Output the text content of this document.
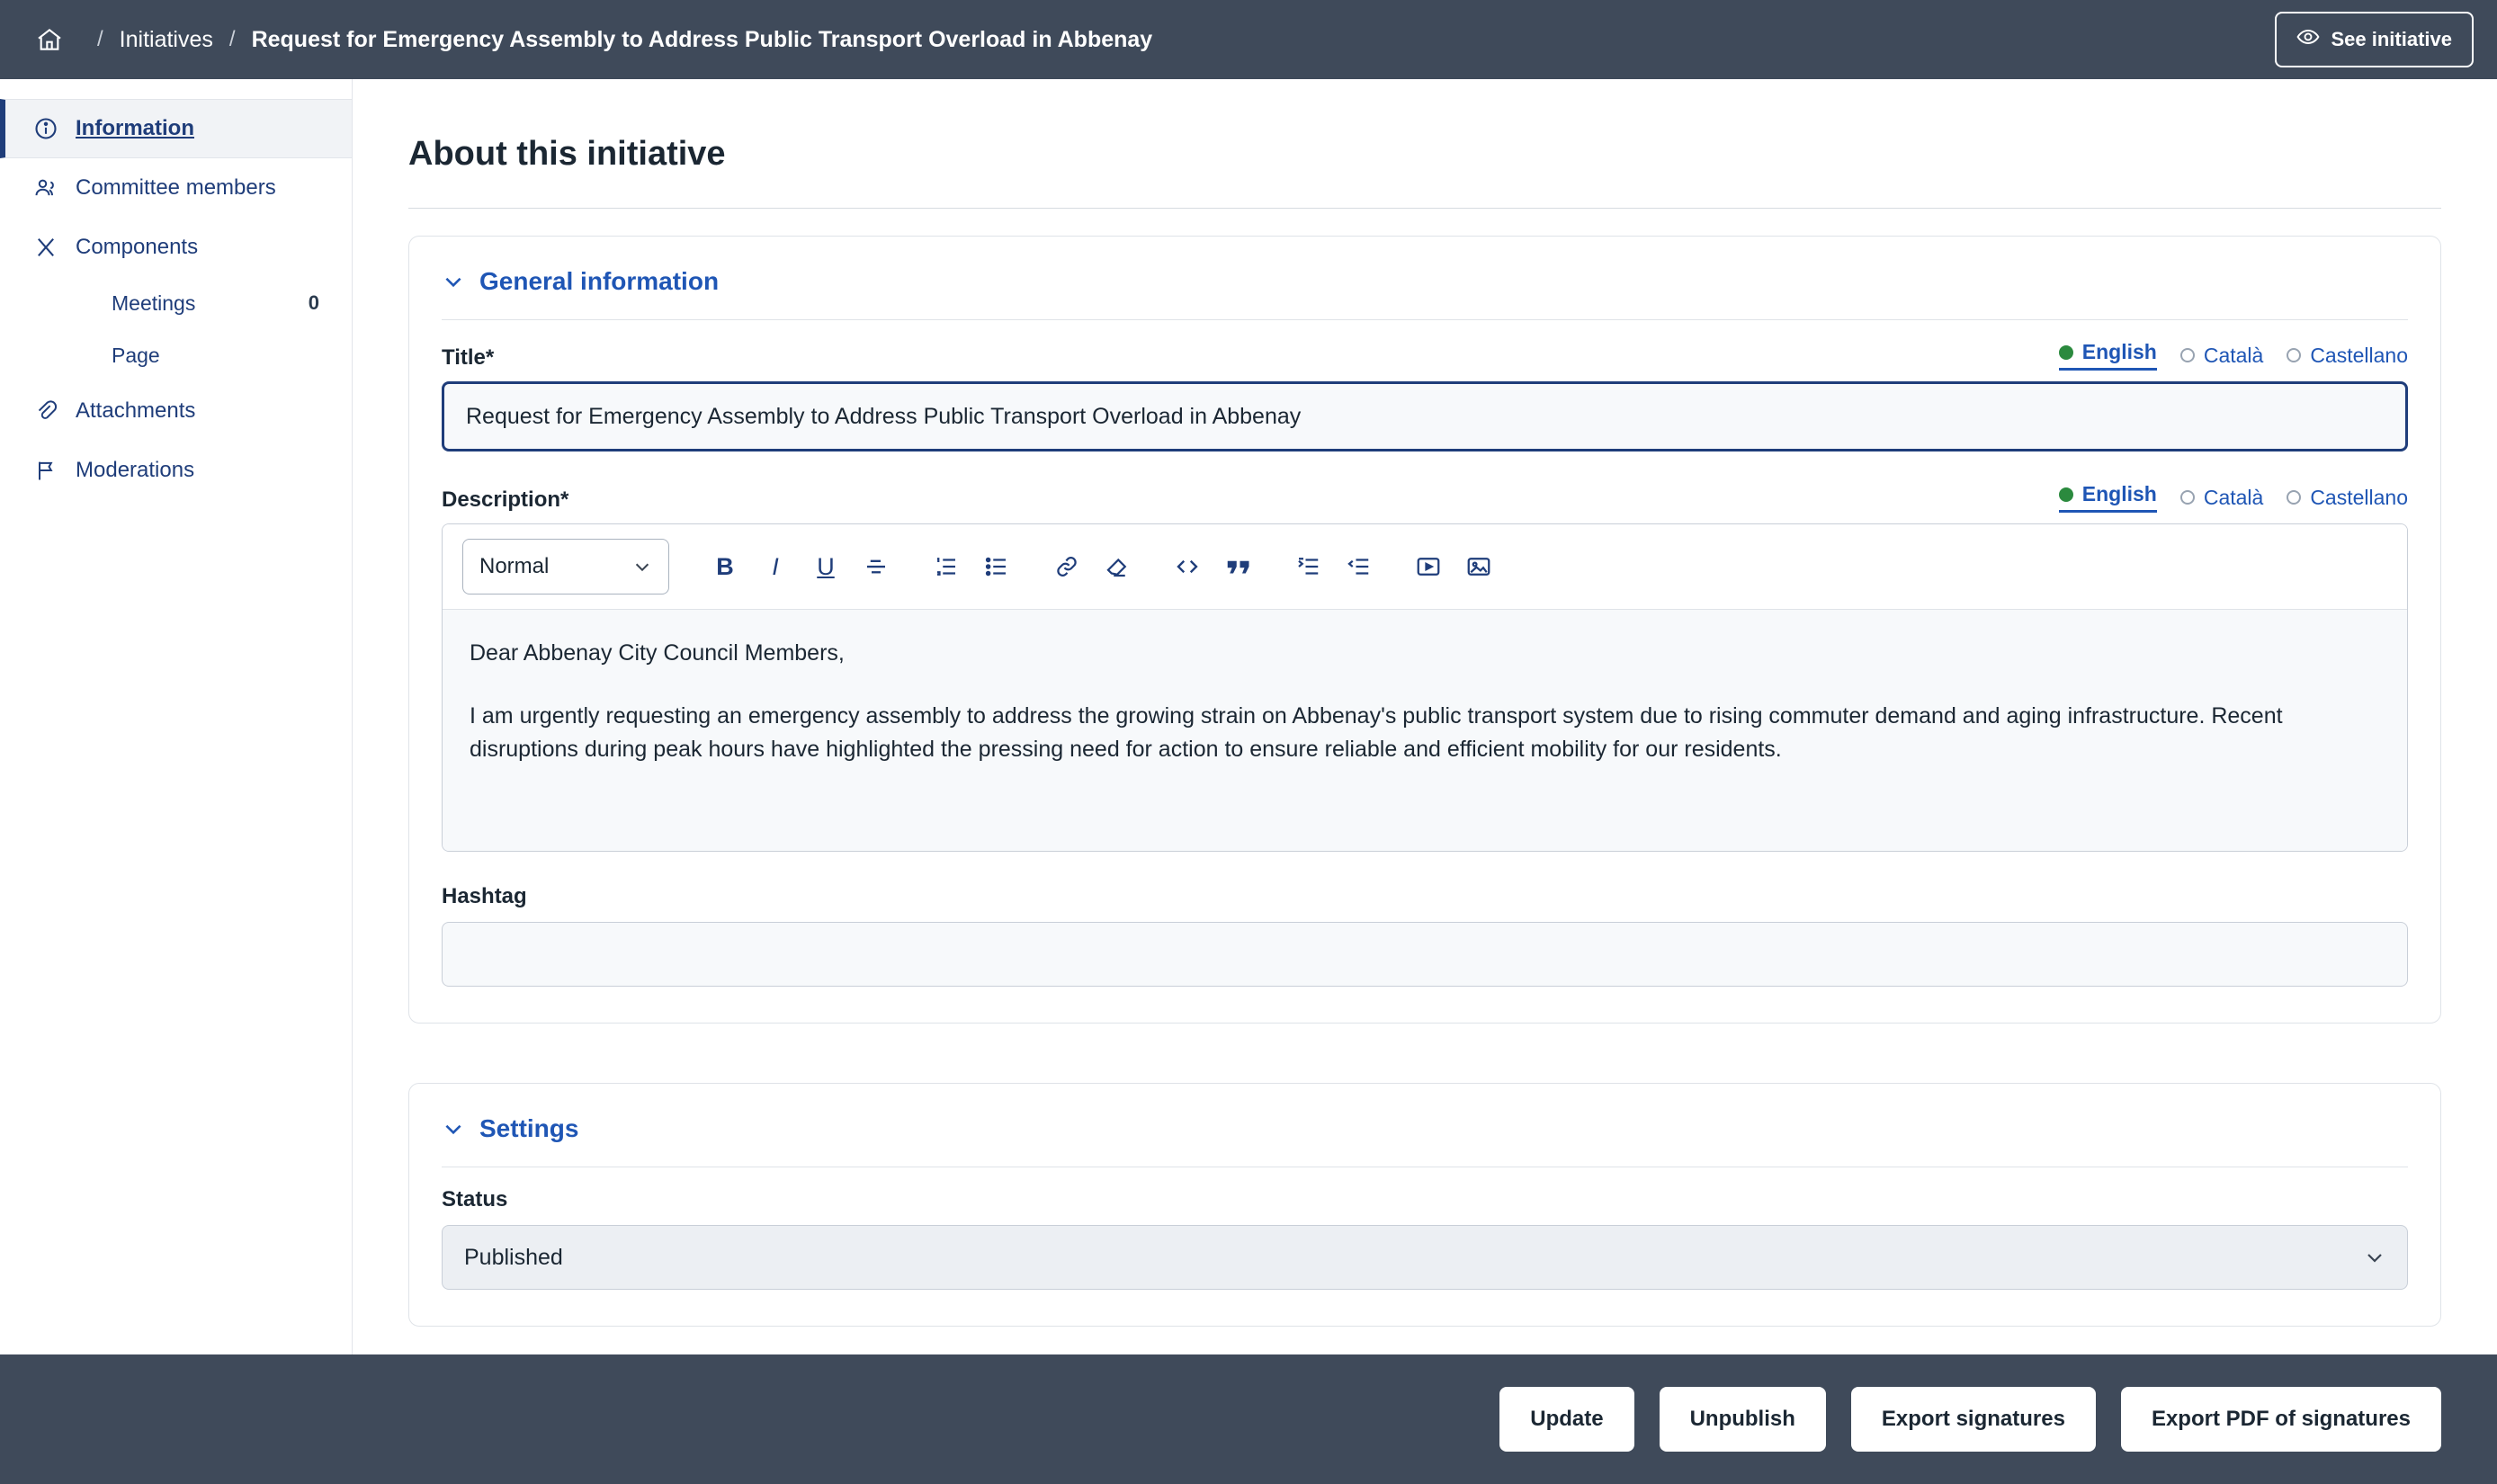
/ Initiatives / Request for Emergency Assembly to Address Public Transport Overload in Abbenay	See initiative
Information
Committee members
Components
Meetings	0
Page
Attachments
Moderations
About this initiative
General information
Title*	English Català Castellano
Request for Emergency Assembly to Address Public Transport Overload in Abbenay
Description*	English Català Castellano
Normal	B I U

Dear Abbenay City Council Members,

I am urgently requesting an emergency assembly to address the growing strain on Abbenay's public transport system due to rising commuter demand and aging infrastructure. Recent disruptions during peak hours have highlighted the pressing need for action to ensure reliable and efficient mobility for our residents.

Hashtag
Settings
Status
Published
Update	Unpublish	Export signatures	Export PDF of signatures
